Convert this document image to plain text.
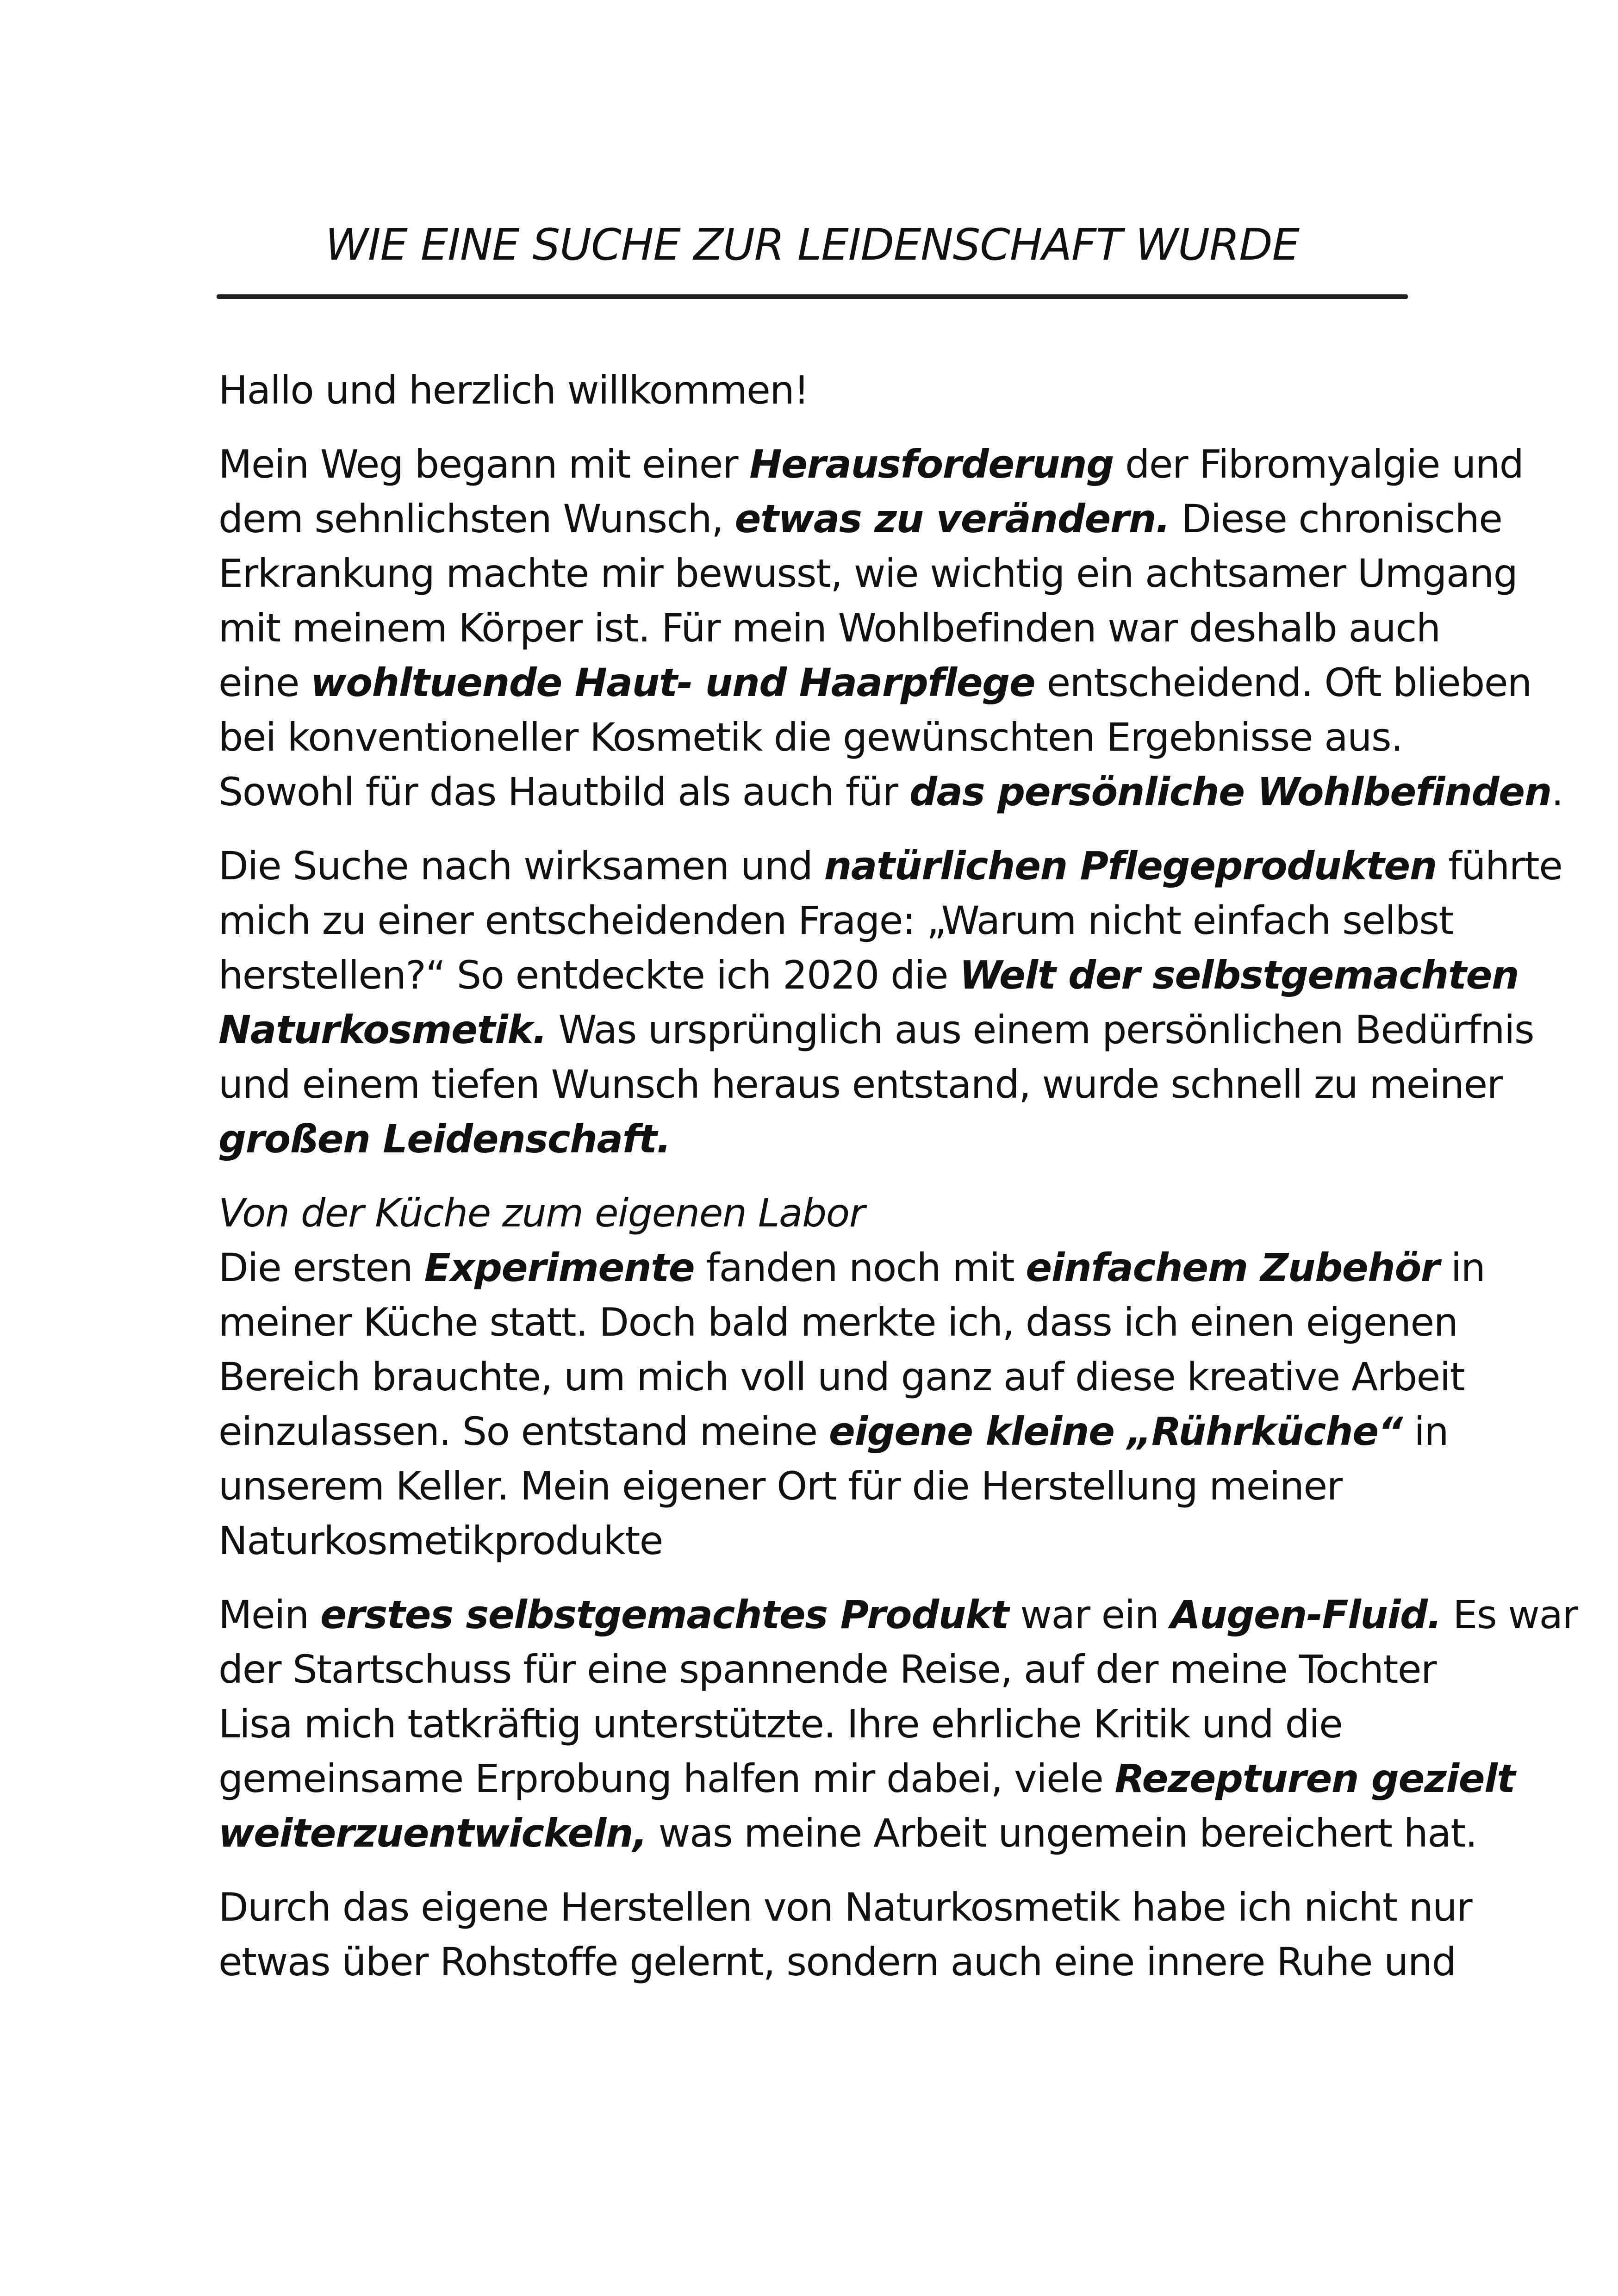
WIE EINE SUCHE ZUR LEIDENSCHAFT WURDE

Hallo und herzlich willkommen!

Mein Weg begann mit einer Herausforderung der Fibromyalgie und

dem sehnlichsten Wunsch, etwas zu verändern. Diese chronische

Erkrankung machte mir bewusst, wie wichtig ein achtsamer Umgang

mit meinem Körper ist. Für mein Wohlbefinden war deshalb auch

eine wohltuende Haut- und Haarpflege entscheidend. Oft blieben

bei konventioneller Kosmetik die gewünschten Ergebnisse aus.

Sowohl für das Hautbild als auch für das persönliche Wohlbefinden.

Die Suche nach wirksamen und natürlichen Pflegeprodukten führte

mich zu einer entscheidenden Frage: „Warum nicht einfach selbst

herstellen?“ So entdeckte ich 2020 die Welt der selbstgemachten

Naturkosmetik. Was ursprünglich aus einem persönlichen Bedürfnis

und einem tiefen Wunsch heraus entstand, wurde schnell zu meiner

großen Leidenschaft.

Von der Küche zum eigenen Labor

Die ersten Experimente fanden noch mit einfachem Zubehör in

meiner Küche statt. Doch bald merkte ich, dass ich einen eigenen

Bereich brauchte, um mich voll und ganz auf diese kreative Arbeit

einzulassen. So entstand meine eigene kleine „Rührküche“ in

unserem Keller. Mein eigener Ort für die Herstellung meiner

Naturkosmetikprodukte

Mein erstes selbstgemachtes Produkt war ein Augen-Fluid. Es war

der Startschuss für eine spannende Reise, auf der meine Tochter

Lisa mich tatkräftig unterstützte. Ihre ehrliche Kritik und die

gemeinsame Erprobung halfen mir dabei, viele Rezepturen gezielt

weiterzuentwickeln, was meine Arbeit ungemein bereichert hat.

Durch das eigene Herstellen von Naturkosmetik habe ich nicht nur

etwas über Rohstoffe gelernt, sondern auch eine innere Ruhe und
